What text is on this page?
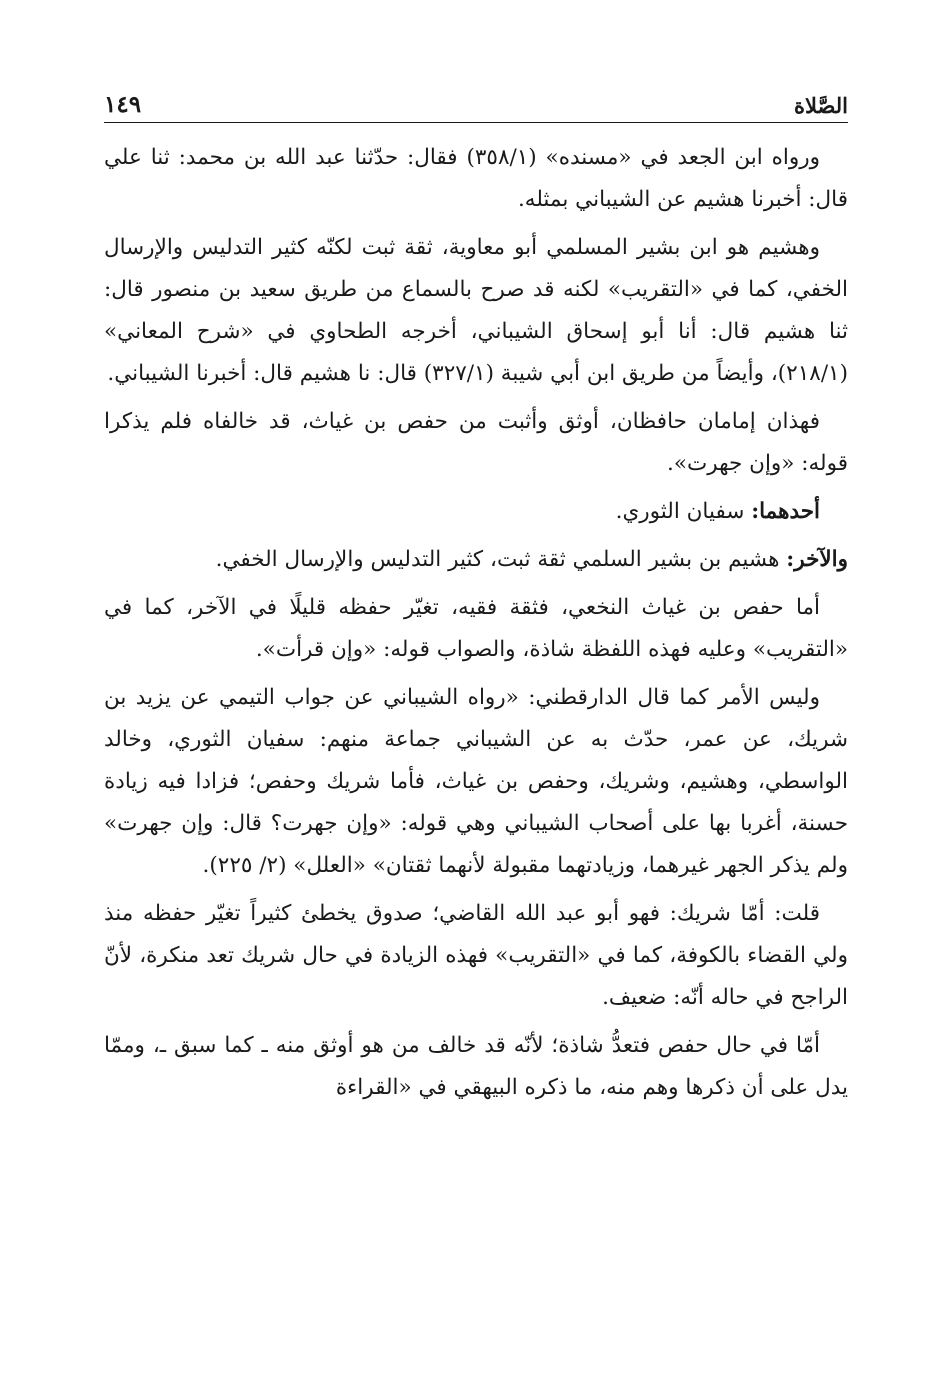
الصَّلاة
١٤٩

ورواه ابن الجعد في «مسنده» (٣٥٨/١) فقال: حدّثنا عبد الله بن محمد: ثنا علي قال: أخبرنا هشيم عن الشيباني بمثله.

وهشيم هو ابن بشير المسلمي أبو معاوية، ثقة ثبت لكنّه كثير التدليس والإرسال الخفي، كما في «التقريب» لكنه قد صرح بالسماع من طريق سعيد بن منصور قال: ثنا هشيم قال: أنا أبو إسحاق الشيباني، أخرجه الطحاوي في «شرح المعاني» (٢١٨/١)، وأيضاً من طريق ابن أبي شيبة (٣٢٧/١) قال: نا هشيم قال: أخبرنا الشيباني.

فهذان إمامان حافظان، أوثق وأثبت من حفص بن غياث، قد خالفاه فلم يذكرا قوله: «وإن جهرت».

أحدهما: سفيان الثوري.

والآخر: هشيم بن بشير السلمي ثقة ثبت، كثير التدليس والإرسال الخفي.

أما حفص بن غياث النخعي، فثقة فقيه، تغيّر حفظه قليلًا في الآخر، كما في «التقريب» وعليه فهذه اللفظة شاذة، والصواب قوله: «وإن قرأت».

وليس الأمر كما قال الدارقطني: «رواه الشيباني عن جواب التيمي عن يزيد بن شريك، عن عمر، حدّث به عن الشيباني جماعة منهم: سفيان الثوري، وخالد الواسطي، وهشيم، وشريك، وحفص بن غياث، فأما شريك وحفص؛ فزادا فيه زيادة حسنة، أغربا بها على أصحاب الشيباني وهي قوله: «وإن جهرت؟ قال: وإن جهرت» ولم يذكر الجهر غيرهما، وزيادتهما مقبولة لأنهما ثقتان» «العلل» (٢/ ٢٢٥).

قلت: أمّا شريك: فهو أبو عبد الله القاضي؛ صدوق يخطئ كثيراً تغيّر حفظه منذ ولي القضاء بالكوفة، كما في «التقريب» فهذه الزيادة في حال شريك تعد منكرة، لأنّ الراجح في حاله أنّه: ضعيف.

أمّا في حال حفص فتعدُّ شاذة؛ لأنّه قد خالف من هو أوثق منه ـ كما سبق ـ، وممّا يدل على أن ذكرها وهم منه، ما ذكره البيهقي في «القراءة
